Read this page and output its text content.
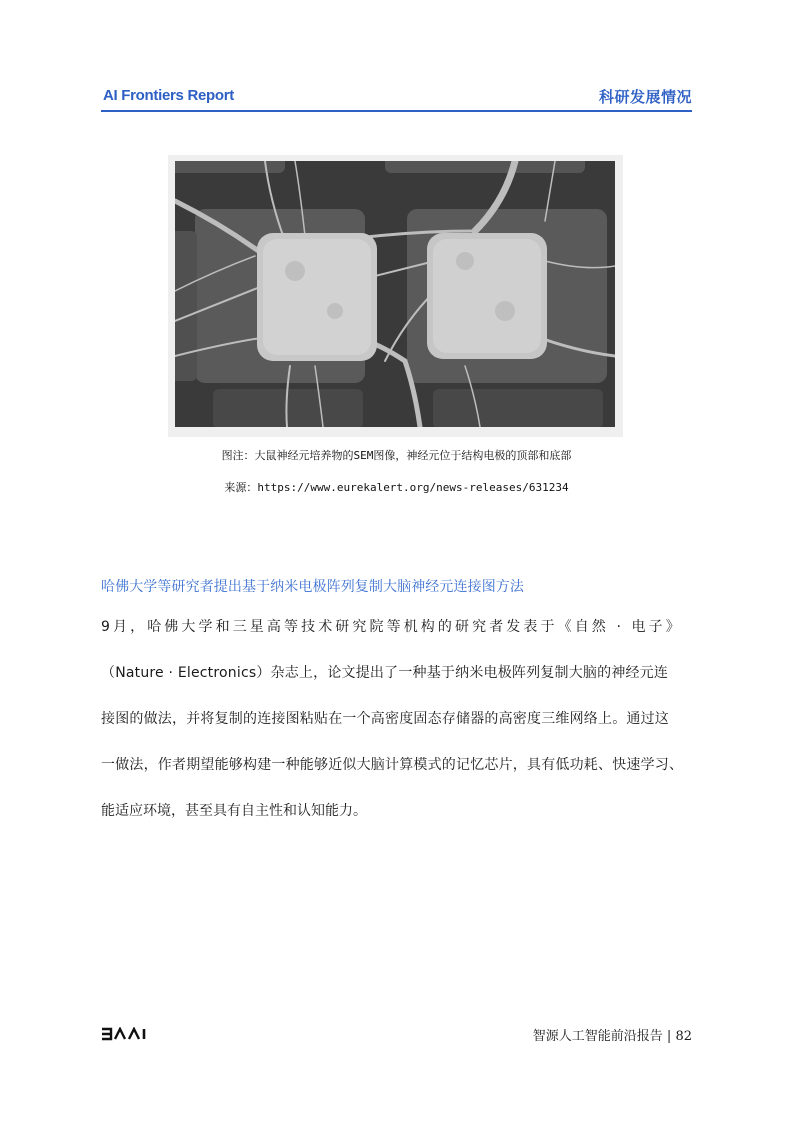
AI Frontiers Report	科研发展情况
图注：大鼠神经元培养物的SEM图像，神经元位于结构电极的顶部和底部
来源：https://www.eurekalert.org/news-releases/631234
哈佛大学等研究者提出基于纳米电极阵列复制大脑神经元连接图方法
9月，哈佛大学和三星高等技术研究院等机构的研究者发表于《自然 · 电子》
（Nature · Electronics）杂志上，论文提出了一种基于纳米电极阵列复制大脑的神经元连
接图的做法，并将复制的连接图粘贴在一个高密度固态存储器的高密度三维网络上。通过这
一做法，作者期望能够构建一种能够近似大脑计算模式的记忆芯片，具有低功耗、快速学习、
能适应环境，甚至具有自主性和认知能力。
智源人工智能前沿报告 | 82
